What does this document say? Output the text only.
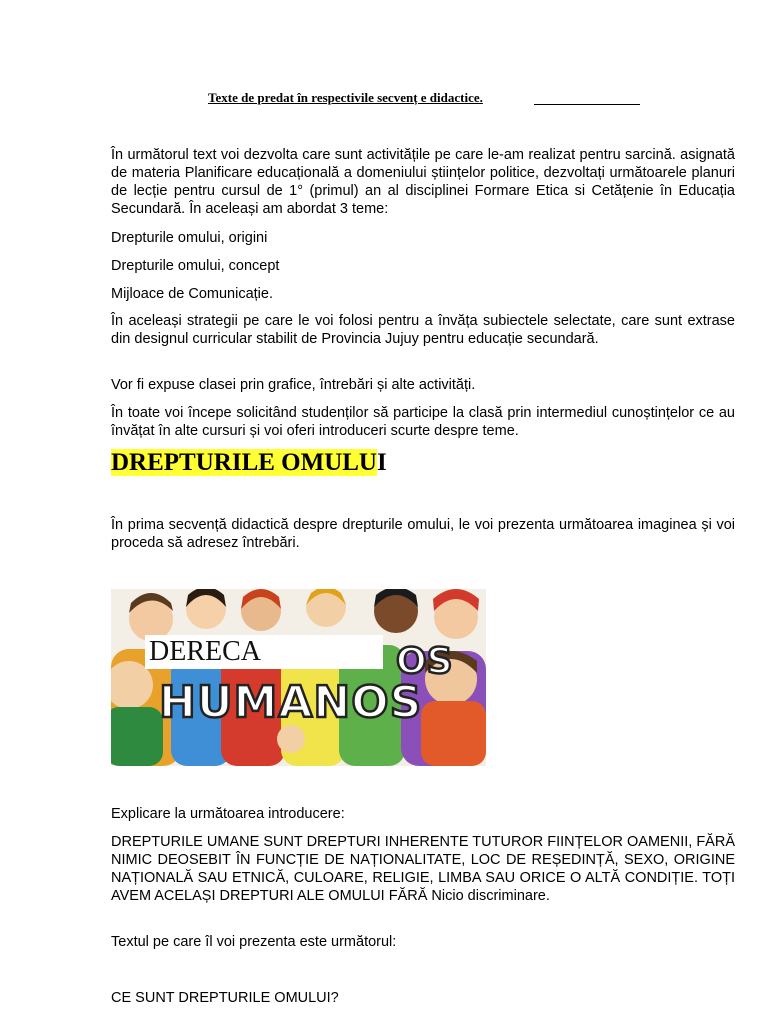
Texte de predat în respectivile secvenț e didactice.
În următorul text voi dezvolta care sunt activitățile pe care le-am realizat pentru sarcină. asignată de materia Planificare educațională a domeniului științelor politice, dezvoltați următoarele planuri de lecție pentru cursul de 1° (primul) an al disciplinei Formare Etica si Cetățenie în Educația Secundară. În aceleași am abordat 3 teme:
Drepturile omului, origini
Drepturile omului, concept
Mijloace de Comunicație.
În aceleași strategii pe care le voi folosi pentru a învăța subiectele selectate, care sunt extrase din designul curricular stabilit de Provincia Jujuy pentru educație secundară.
Vor fi expuse clasei prin grafice, întrebări și alte activități.
În toate voi începe solicitând studenților să participe la clasă prin intermediul cunoștințelor ce au învățat în alte cursuri și voi oferi introduceri scurte despre teme.
DREPTURILE OMULUI
În prima secvență didactică despre drepturile omului, le voi prezenta următoarea imaginea și voi proceda să adresez întrebări.
HUMANOS
OS
DERECA
Explicare la următoarea introducere:
DREPTURILE UMANE SUNT DREPTURI INHERENTE TUTUROR FIINȚELOR OAMENII, FĂRĂ NIMIC DEOSEBIT ÎN FUNCȚIE DE NAȚIONALITATE, LOC DE REȘEDINȚĂ, SEXO, ORIGINE NAȚIONALĂ SAU ETNICĂ, CULOARE, RELIGIE, LIMBA SAU ORICE O ALTĂ CONDIȚIE. TOȚI AVEM ACELAȘI DREPTURI ALE OMULUI FĂRĂ Nicio discriminare.
Textul pe care îl voi prezenta este următorul:
CE SUNT DREPTURILE OMULUI?
